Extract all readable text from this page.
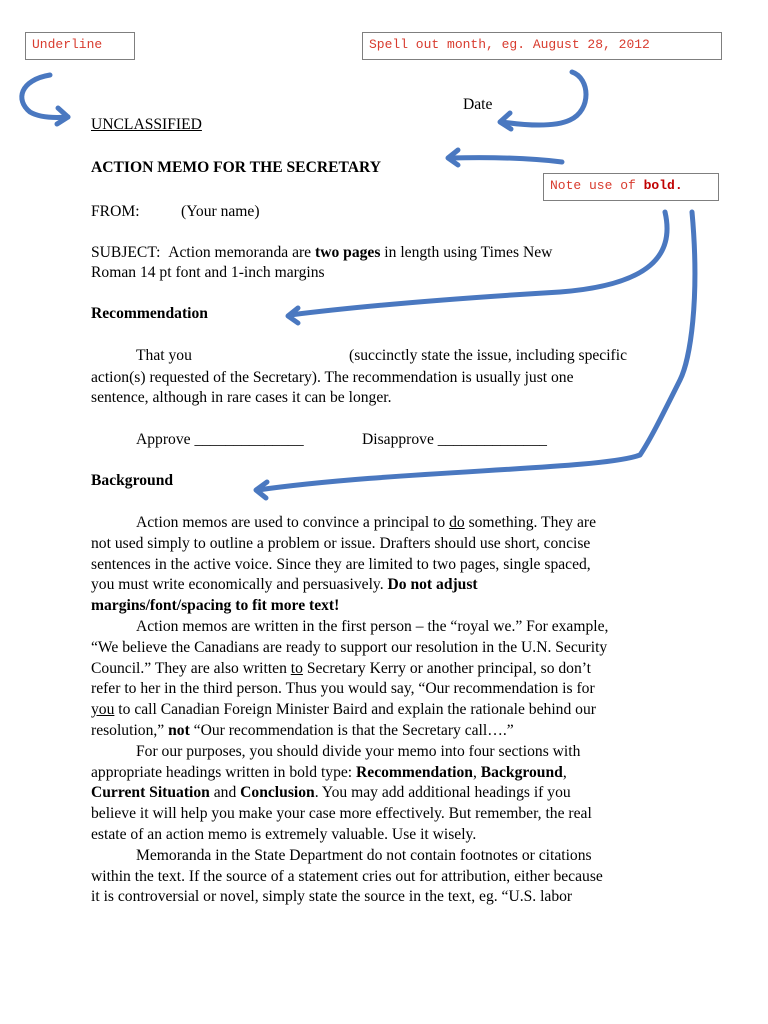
Underline	Spell out month, eg. August 28, 2012
Note use of bold.
Date
UNCLASSIFIED
ACTION MEMO FOR THE SECRETARY
FROM:	(Your name)
SUBJECT: Action memoranda are two pages in length using Times New
Roman 14 pt font and 1-inch margins
Recommendation
That you	(succinctly state the issue, including specific
action(s) requested of the Secretary). The recommendation is usually just one
sentence, although in rare cases it can be longer.
Approve ______________	Disapprove ______________
Background
Action memos are used to convince a principal to do something. They are
not used simply to outline a problem or issue. Drafters should use short, concise
sentences in the active voice. Since they are limited to two pages, single spaced,
you must write economically and persuasively. Do not adjust
margins/font/spacing to fit more text!
Action memos are written in the first person – the “royal we.” For example,
“We believe the Canadians are ready to support our resolution in the U.N. Security
Council.” They are also written to Secretary Kerry or another principal, so don’t
refer to her in the third person. Thus you would say, “Our recommendation is for
you to call Canadian Foreign Minister Baird and explain the rationale behind our
resolution,” not “Our recommendation is that the Secretary call….”
For our purposes, you should divide your memo into four sections with
appropriate headings written in bold type: Recommendation, Background,
Current Situation and Conclusion. You may add additional headings if you
believe it will help you make your case more effectively. But remember, the real
estate of an action memo is extremely valuable. Use it wisely.
Memoranda in the State Department do not contain footnotes or citations
within the text. If the source of a statement cries out for attribution, either because
it is controversial or novel, simply state the source in the text, eg. “U.S. labor
